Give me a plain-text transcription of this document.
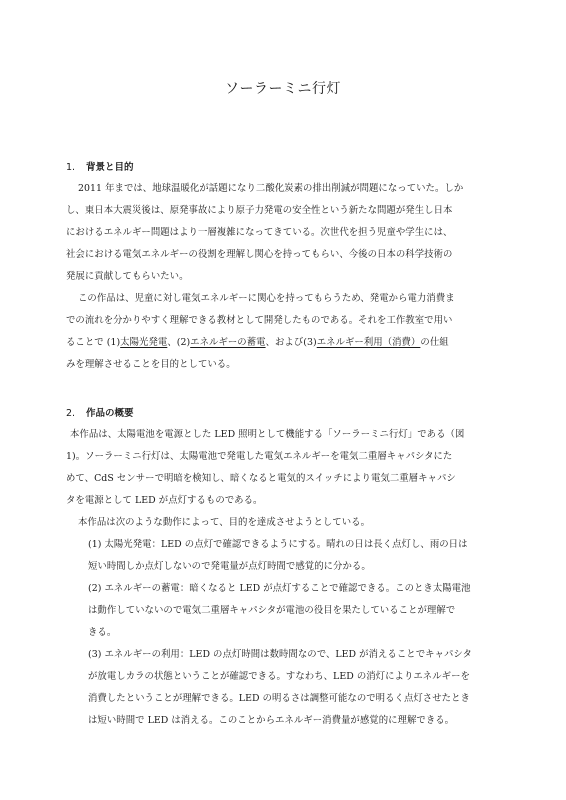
ソーラーミニ行灯
1. 背景と目的
2011 年までは、地球温暖化が話題になり二酸化炭素の排出削減が問題になっていた。しか
し、東日本大震災後は、原発事故により原子力発電の安全性という新たな問題が発生し日本
におけるエネルギー問題はより一層複雑になってきている。次世代を担う児童や学生には、
社会における電気エネルギーの役割を理解し関心を持ってもらい、今後の日本の科学技術の
発展に貢献してもらいたい。
この作品は、児童に対し電気エネルギーに関心を持ってもらうため、発電から電力消費ま
での流れを分かりやすく理解できる教材として開発したものである。それを工作教室で用い
ることで (1)太陽光発電、(2)エネルギーの蓄電、および(3)エネルギー利用（消費）の仕組
みを理解させることを目的としている。
2. 作品の概要
本作品は、太陽電池を電源とした LED 照明として機能する「ソーラーミニ行灯」である（図
1)。ソーラーミニ行灯は、太陽電池で発電した電気エネルギーを電気二重層キャパシタにた
めて、CdS センサーで明暗を検知し、暗くなると電気的スイッチにより電気二重層キャパシ
タを電源として LED が点灯するものである。
本作品は次のような動作によって、目的を達成させようとしている。
(1) 太陽光発電：LED の点灯で確認できるようにする。晴れの日は長く点灯し、雨の日は
短い時間しか点灯しないので発電量が点灯時間で感覚的に分かる。
(2) エネルギーの蓄電：暗くなると LED が点灯することで確認できる。このとき太陽電池
は動作していないので電気二重層キャパシタが電池の役目を果たしていることが理解で
きる。
(3) エネルギーの利用：LED の点灯時間は数時間なので、LED が消えることでキャパシタ
が放電しカラの状態ということが確認できる。すなわち、LED の消灯によりエネルギーを
消費したということが理解できる。LED の明るさは調整可能なので明るく点灯させたとき
は短い時間で LED は消える。このことからエネルギー消費量が感覚的に理解できる。
